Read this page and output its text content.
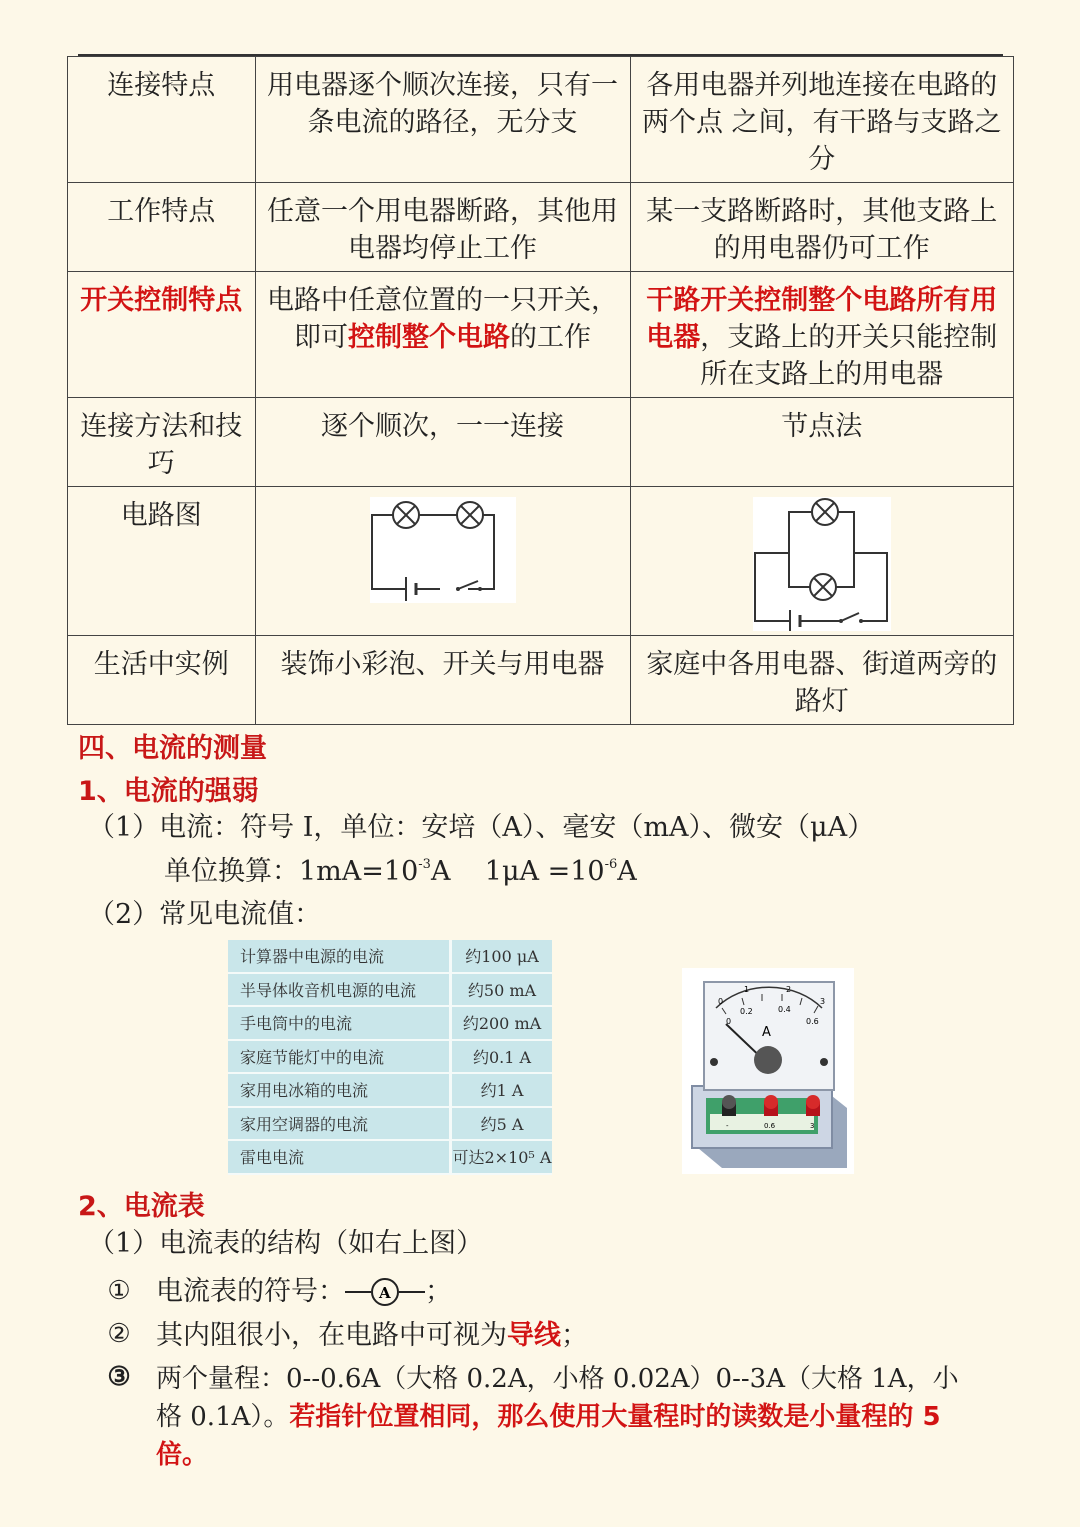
连接特点	用电器逐个顺次连接，只有一条电流的路径，无分支	各用电器并列地连接在电路的两个点 之间，有干路与支路之分
工作特点	任意一个用电器断路，其他用电器均停止工作	某一支路断路时，其他支路上的用电器仍可工作
开关控制特点	电路中任意位置的一只开关，即可控制整个电路的工作	干路开关控制整个电路所有用电器，支路上的开关只能控制所在支路上的用电器
连接方法和技巧	逐个顺次，一一连接	节点法
电路图	

生活中实例	装饰小彩泡、开关与用电器	家庭中各用电器、街道两旁的路灯
四、电流的测量
1、电流的强弱
（1）电流：符号 I，单位：安培（A）、毫安（mA）、微安（μA）
单位换算：$1mA=10^{-3}A$    $1\mu A =10^{-6}A$
（2）常见电流值：
计算器中电源的电流	约100 μA
半导体收音机电源的电流	约50 mA
手电筒中的电流	约200 mA
家庭节能灯中的电流	约0.1 A
家用电冰箱的电流	约1 A
家用空调器的电流	约5 A
雷电电流	可达2×10⁵ A
0
1	2
3
0
0.2	0.4
0.6
A
-	0.6	3
2、电流表
（1）电流表的结构（如右上图）
① 电流表的符号： A ；
② 其内阻很小，在电路中可视为导线；
③ 两个量程：0--0.6A（大格 0.2A，小格 0.02A）0--3A（大格 1A，小
格 0.1A）。若指针位置相同，那么使用大量程时的读数是小量程的 5
倍。
